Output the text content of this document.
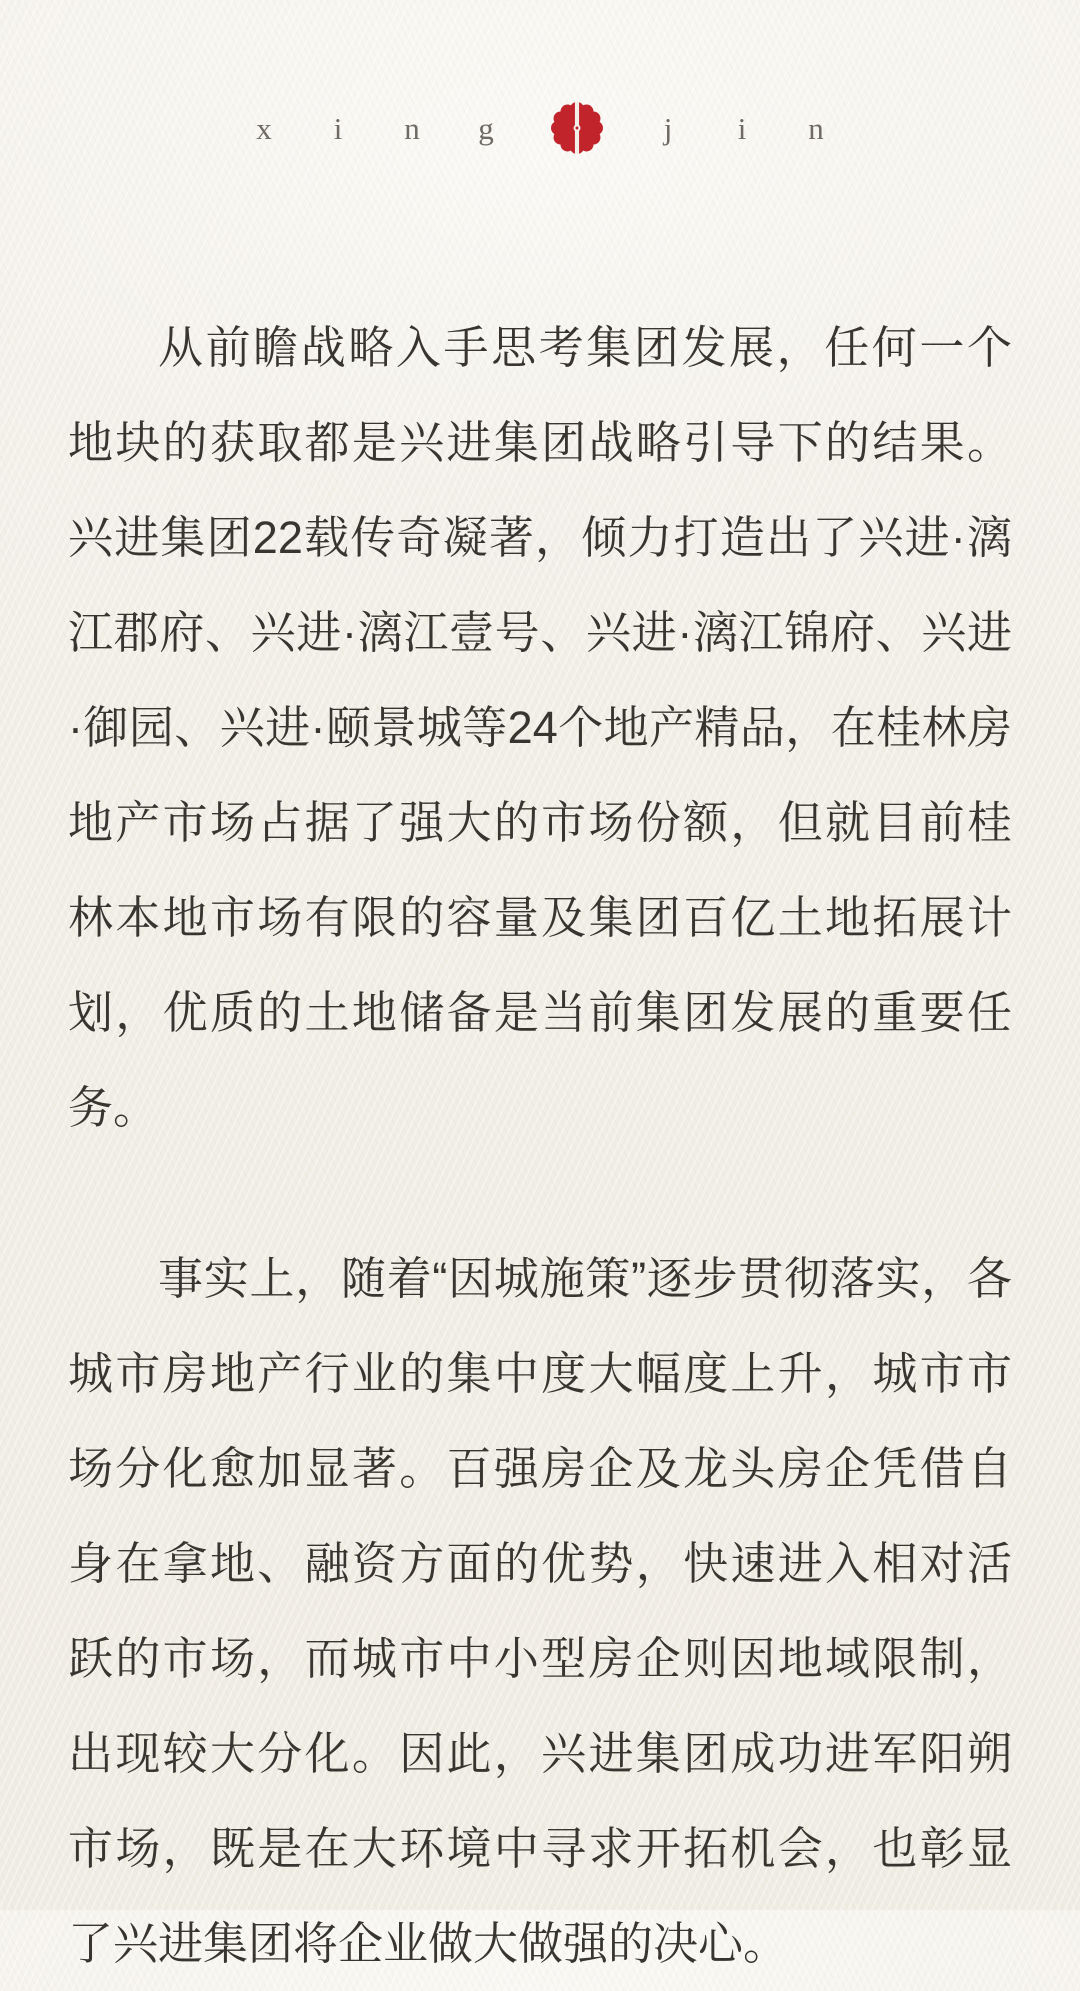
x i n g	j i n

从前瞻战略入手思考集团发展，任何一个地块的获取都是兴进集团战略引导下的结果。兴进集团22载传奇凝著，倾力打造出了兴进·漓江郡府、兴进·漓江壹号、兴进·漓江锦府、兴进·御园、兴进·颐景城等24个地产精品，在桂林房地产市场占据了强大的市场份额，但就目前桂林本地市场有限的容量及集团百亿土地拓展计划，优质的土地储备是当前集团发展的重要任务。

事实上，随着“因城施策”逐步贯彻落实，各城市房地产行业的集中度大幅度上升，城市市场分化愈加显著。百强房企及龙头房企凭借自身在拿地、融资方面的优势，快速进入相对活跃的市场，而城市中小型房企则因地域限制，出现较大分化。因此，兴进集团成功进军阳朔市场，既是在大环境中寻求开拓机会，也彰显了兴进集团将企业做大做强的决心。
